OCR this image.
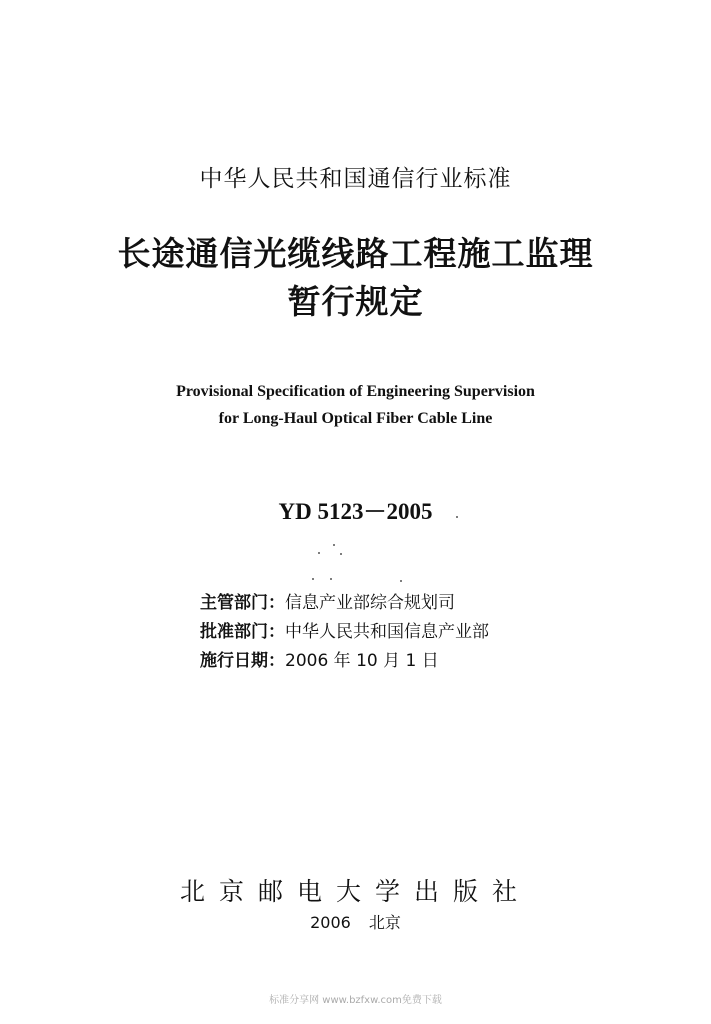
中华人民共和国通信行业标准
长途通信光缆线路工程施工监理
暂行规定
Provisional Specification of Engineering Supervision
for Long-Haul Optical Fiber Cable Line
YD 5123－2005
主管部门：信息产业部综合规划司
批准部门：中华人民共和国信息产业部
施行日期：2006 年 10 月 1 日
北京邮电大学出版社
2006 北京
标准分享网 www.bzfxw.com免费下载
